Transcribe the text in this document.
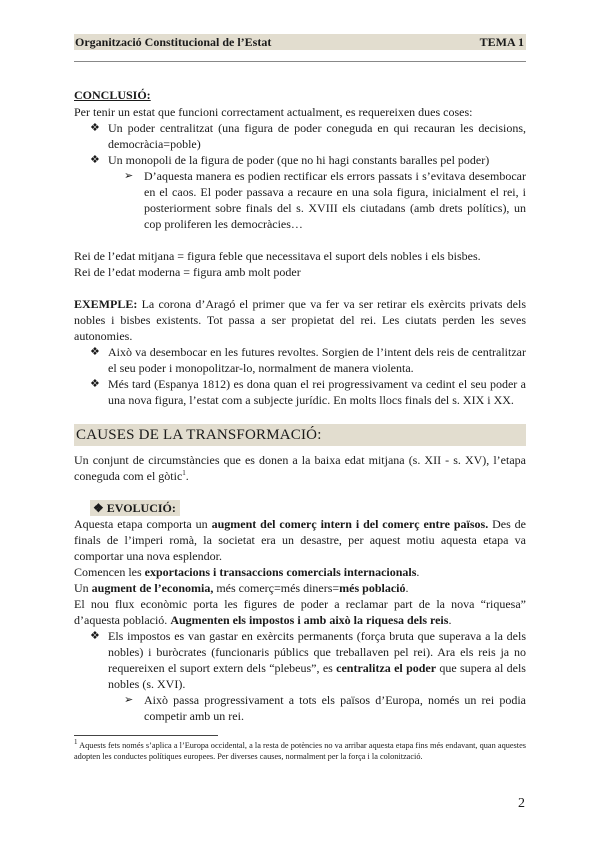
Organització Constitucional de l’Estat	TEMA 1

CONCLUSIÓ:

Per tenir un estat que funcioni correctament actualment, es requereixen dues coses:

❖ Un poder centralitzat (una figura de poder coneguda en qui recauran les decisions, democràcia=poble)
❖ Un monopoli de la figura de poder (que no hi hagi constants baralles pel poder)
➢ D’aquesta manera es podien rectificar els errors passats i s’evitava desembocar en el caos. El poder passava a recaure en una sola figura, inicialment el rei, i posteriorment sobre finals del s. XVIII els ciutadans (amb drets polítics), un cop proliferen les democràcies…

Rei de l’edat mitjana = figura feble que necessitava el suport dels nobles i els bisbes.

Rei de l’edat moderna = figura amb molt poder

EXEMPLE: La corona d’Aragó el primer que va fer va ser retirar els exèrcits privats dels nobles i bisbes existents. Tot passa a ser propietat del rei. Les ciutats perden les seves autonomies.

❖ Això va desembocar en les futures revoltes. Sorgien de l’intent dels reis de centralitzar el seu poder i monopolitzar-lo, normalment de manera violenta.
❖ Més tard (Espanya 1812) es dona quan el rei progressivament va cedint el seu poder a una nova figura, l’estat com a subjecte jurídic. En molts llocs finals del s. XIX i XX.

CAUSES DE LA TRANSFORMACIÓ:

Un conjunt de circumstàncies que es donen a la baixa edat mitjana (s. XII - s. XV), l’etapa coneguda com el gòtic$^1$.

❖ EVOLUCIÓ:

Aquesta etapa comporta un augment del comerç intern i del comerç entre països. Des de finals de l’imperi romà, la societat era un desastre, per aquest motiu aquesta etapa va comportar una nova esplendor.

Comencen les exportacions i transaccions comercials internacionals.

Un augment de l’economia, més comerç=més diners=més població.

El nou flux econòmic porta les figures de poder a reclamar part de la nova “riquesa” d’aquesta població. Augmenten els impostos i amb això la riquesa dels reis.

❖ Els impostos es van gastar en exèrcits permanents (força bruta que superava a la dels nobles) i buròcrates (funcionaris públics que treballaven pel rei). Ara els reis ja no requereixen el suport extern dels “plebeus”, es centralitza el poder que supera al dels nobles (s. XVI).
➢ Això passa progressivament a tots els països d’Europa, només un rei podia competir amb un rei.
$^1$ Aquests fets només s’aplica a l’Europa occidental, a la resta de potències no va arribar aquesta etapa fins més endavant, quan aquestes adopten les conductes polítiques europees. Per diverses causes, normalment per la força i la colonització.
2
